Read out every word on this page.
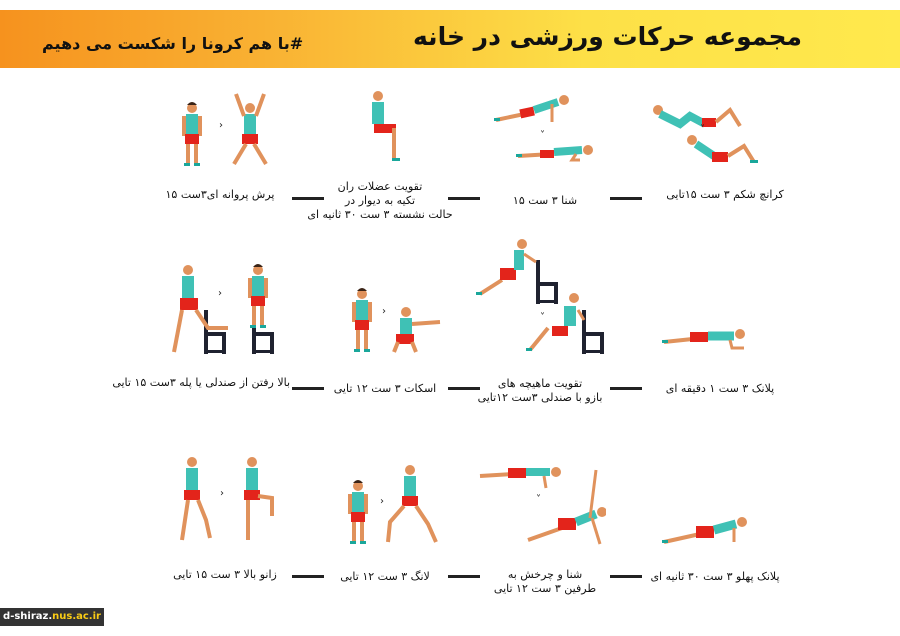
مجموعه حرکات ورزشی در خانه
#با هم کرونا را شکست می دهیم
˅
کرانچ شکم ۳ ست ۱۵تایی
˅
شنا ۳ ست ۱۵
تقویت عضلات ران
تکیه به دیوار در
حالت نشسته ۳ ست ۳۰ ثانیه ای
›
پرش پروانه ای۳ست ۱۵
پلانک ۳ ست ۱ دقیقه ای
˅
تقویت ماهیچه های
بازو با صندلی ۳ست ۱۲تایی
›
اسکات ۳ ست ۱۲ تایی
›
بالا رفتن از صندلی یا پله ۳ست ۱۵ تایی
پلانک پهلو ۳ ست ۳۰ ثانیه ای
˅
شنا و چرخش به
طرفین ۳ ست ۱۲ تایی
›
لانگ ۳ ست ۱۲ تایی
›
زانو بالا ۳ ست ۱۵ تایی
d-shiraz.nus.ac.ir
